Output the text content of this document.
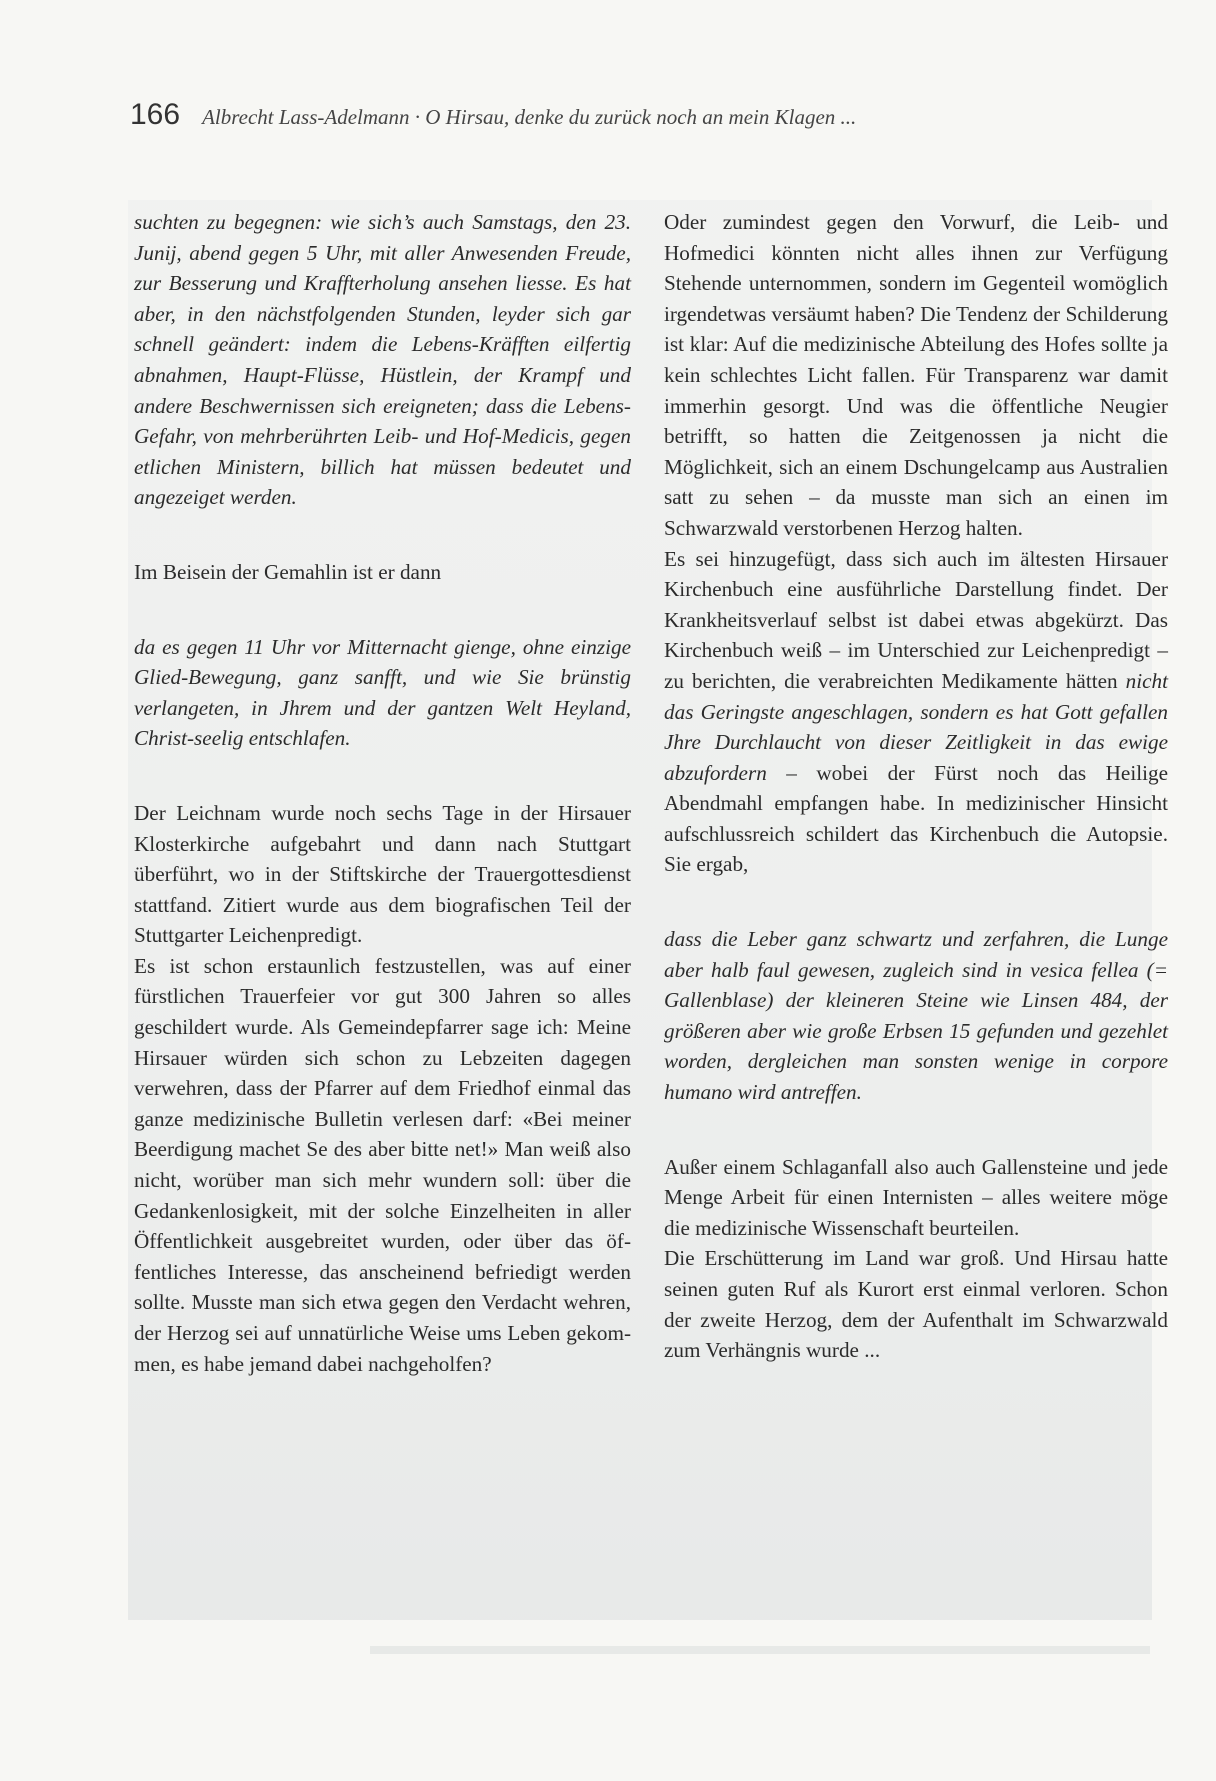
166 Albrecht Lass-Adelmann · O Hirsau, denke du zurück noch an mein Klagen ...

suchten zu begegnen: wie sich’s auch Samstags, den 23. Junij, abend gegen 5 Uhr, mit aller Anwesenden Freude, zur Besserung und Kraffterholung ansehen liesse. Es hat aber, in den nächstfolgenden Stunden, leyder sich gar schnell geändert: indem die Lebens-Kräfften eilfertig abnahmen, Haupt-Flüsse, Hüstlein, der Krampf und andere Beschwernissen sich ereigneten; dass die Lebens-Gefahr, von mehrberührten Leib- und Hof-Medicis, gegen etlichen Ministern, billich hat müssen bedeutet und angezeiget werden.

Im Beisein der Gemahlin ist er dann

da es gegen 11 Uhr vor Mitternacht gienge, ohne einzige Glied-Bewegung, ganz sanfft, und wie Sie brünstig verlangeten, in Jhrem und der gantzen Welt Heyland, Christ-seelig entschlafen.

Der Leichnam wurde noch sechs Tage in der Hirsauer Klosterkirche aufgebahrt und dann nach Stuttgart überführt, wo in der Stiftskirche der Trauergottesdienst stattfand. Zitiert wurde aus dem biografischen Teil der Stuttgarter Leichenpredigt.

Es ist schon erstaunlich festzustellen, was auf einer fürstlichen Trauerfeier vor gut 300 Jahren so alles geschildert wurde. Als Gemeindepfarrer sage ich: Meine Hirsauer würden sich schon zu Lebzeiten dagegen verwehren, dass der Pfarrer auf dem Friedhof einmal das ganze medizinische Bulletin verlesen darf: «Bei meiner Beerdigung machet Se des aber bitte net!» Man weiß also nicht, worüber man sich mehr wundern soll: über die Gedankenlosigkeit, mit der solche Einzelheiten in aller Öffentlichkeit ausgebreitet wurden, oder über das öffentliches Interesse, das anscheinend befriedigt werden sollte. Musste man sich etwa gegen den Verdacht wehren, der Herzog sei auf unnatürliche Weise ums Leben gekommen, es habe jemand dabei nachgeholfen?

Oder zumindest gegen den Vorwurf, die Leib- und Hofmedici könnten nicht alles ihnen zur Verfügung Stehende unternommen, sondern im Gegenteil womöglich irgendetwas versäumt haben? Die Tendenz der Schilderung ist klar: Auf die medizinische Abteilung des Hofes sollte ja kein schlechtes Licht fallen. Für Transparenz war damit immerhin gesorgt. Und was die öffentliche Neugier betrifft, so hatten die Zeitgenossen ja nicht die Möglichkeit, sich an einem Dschungelcamp aus Australien satt zu sehen – da musste man sich an einen im Schwarzwald verstorbenen Herzog halten.

Es sei hinzugefügt, dass sich auch im ältesten Hirsauer Kirchenbuch eine ausführliche Darstellung findet. Der Krankheitsverlauf selbst ist dabei etwas abgekürzt. Das Kirchenbuch weiß – im Unterschied zur Leichenpredigt – zu berichten, die verabreichten Medikamente hätten nicht das Geringste angeschlagen, sondern es hat Gott gefallen Jhre Durchlaucht von dieser Zeitligkeit in das ewige abzufordern – wobei der Fürst noch das Heilige Abendmahl empfangen habe. In medizinischer Hinsicht aufschlussreich schildert das Kirchenbuch die Autopsie. Sie ergab,

dass die Leber ganz schwartz und zerfahren, die Lunge aber halb faul gewesen, zugleich sind in vesica fellea (= Gallenblase) der kleineren Steine wie Linsen 484, der größeren aber wie große Erbsen 15 gefunden und gezehlet worden, dergleichen man sonsten wenige in corpore humano wird antreffen.

Außer einem Schlaganfall also auch Gallensteine und jede Menge Arbeit für einen Internisten – alles weitere möge die medizinische Wissenschaft beurteilen.

Die Erschütterung im Land war groß. Und Hirsau hatte seinen guten Ruf als Kurort erst einmal verloren. Schon der zweite Herzog, dem der Aufenthalt im Schwarzwald zum Verhängnis wurde ...
